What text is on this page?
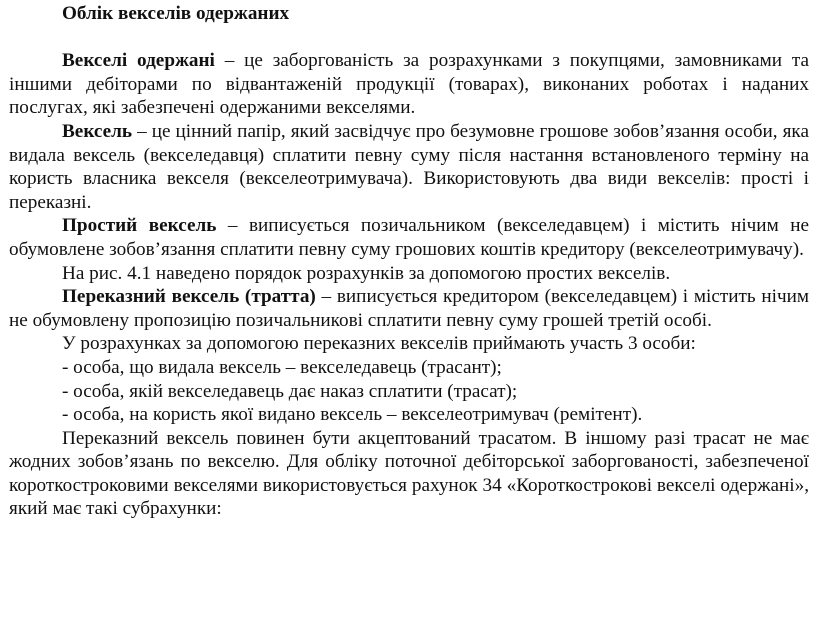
Облік векселів одержаних

Векселі одержані – це заборгованість за розрахунками з покупцями, замовниками та іншими дебіторами по відвантаженій продукції (товарах), виконаних роботах і наданих послугах, які забезпечені одержаними векселями.

Вексель – це цінний папір, який засвідчує про безумовне грошове зобов’язання особи, яка видала вексель (векселедавця) сплатити певну суму після настання встановленого терміну на користь власника векселя (векселеотримувача). Використовують два види векселів: прості і переказні.

Простий вексель – виписується позичальником (векселедавцем) і містить нічим не обумовлене зобов’язання сплатити певну суму грошових коштів кредитору (векселеотримувачу).

На рис. 4.1 наведено порядок розрахунків за допомогою простих векселів.

Переказний вексель (тратта) – виписується кредитором (векселедавцем) і містить нічим не обумовлену пропозицію позичальникові сплатити певну суму грошей третій особі.

У розрахунках за допомогою переказних векселів приймають участь 3 особи:

- особа, що видала вексель – векселедавець (трасант);

- особа, якій векселедавець дає наказ сплатити (трасат);

- особа, на користь якої видано вексель – векселеотримувач (ремітент).

Переказний вексель повинен бути акцептований трасатом. В іншому разі трасат не має жодних зобов’язань по векселю. Для обліку поточної дебіторської заборгованості, забезпеченої короткостроковими векселями використовується рахунок 34 «Короткострокові векселі одержані», який має такі субрахунки:
